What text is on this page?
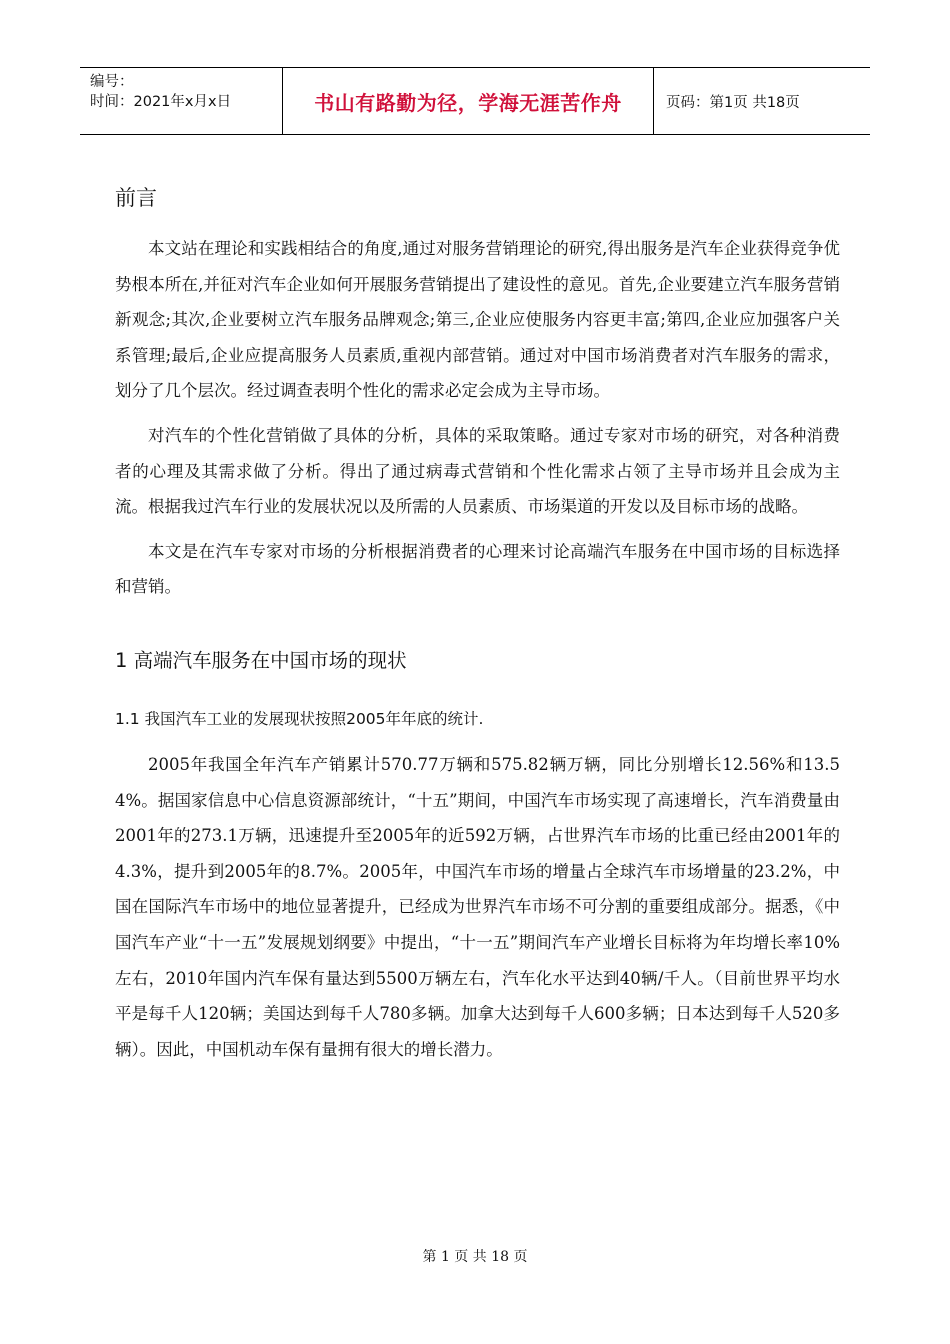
编号：
时间：2021年x月x日	书山有路勤为径，学海无涯苦作舟	页码：第1页 共18页
前言

本文站在理论和实践相结合的角度,通过对服务营销理论的研究,得出服务是汽车企业获得竞争优势根本所在,并征对汽车企业如何开展服务营销提出了建设性的意见。首先,企业要建立汽车服务营销新观念;其次,企业要树立汽车服务品牌观念;第三,企业应使服务内容更丰富;第四,企业应加强客户关系管理;最后,企业应提高服务人员素质,重视内部营销。通过对中国市场消费者对汽车服务的需求，划分了几个层次。经过调查表明个性化的需求必定会成为主导市场。

对汽车的个性化营销做了具体的分析，具体的采取策略。通过专家对市场的研究，对各种消费者的心理及其需求做了分析。得出了通过病毒式营销和个性化需求占领了主导市场并且会成为主流。根据我过汽车行业的发展状况以及所需的人员素质、市场渠道的开发以及目标市场的战略。

本文是在汽车专家对市场的分析根据消费者的心理来讨论高端汽车服务在中国市场的目标选择和营销。

1 高端汽车服务在中国市场的现状
1.1 我国汽车工业的发展现状按照2005年年底的统计.

2005年我国全年汽车产销累计570.77万辆和575.82辆万辆，同比分别增长12.56%和13.54%。据国家信息中心信息资源部统计，“十五”期间，中国汽车市场实现了高速增长，汽车消费量由2001年的273.1万辆，迅速提升至2005年的近592万辆，占世界汽车市场的比重已经由2001年的4.3%，提升到2005年的8.7%。2005年，中国汽车市场的增量占全球汽车市场增量的23.2%，中国在国际汽车市场中的地位显著提升，已经成为世界汽车市场不可分割的重要组成部分。据悉，《中国汽车产业“十一五”发展规划纲要》中提出，“十一五”期间汽车产业增长目标将为年均增长率10%左右，2010年国内汽车保有量达到5500万辆左右，汽车化水平达到40辆/千人。（目前世界平均水平是每千人120辆；美国达到每千人780多辆。加拿大达到每千人600多辆；日本达到每千人520多辆）。因此，中国机动车保有量拥有很大的增长潜力。

第 1 页 共 18 页
